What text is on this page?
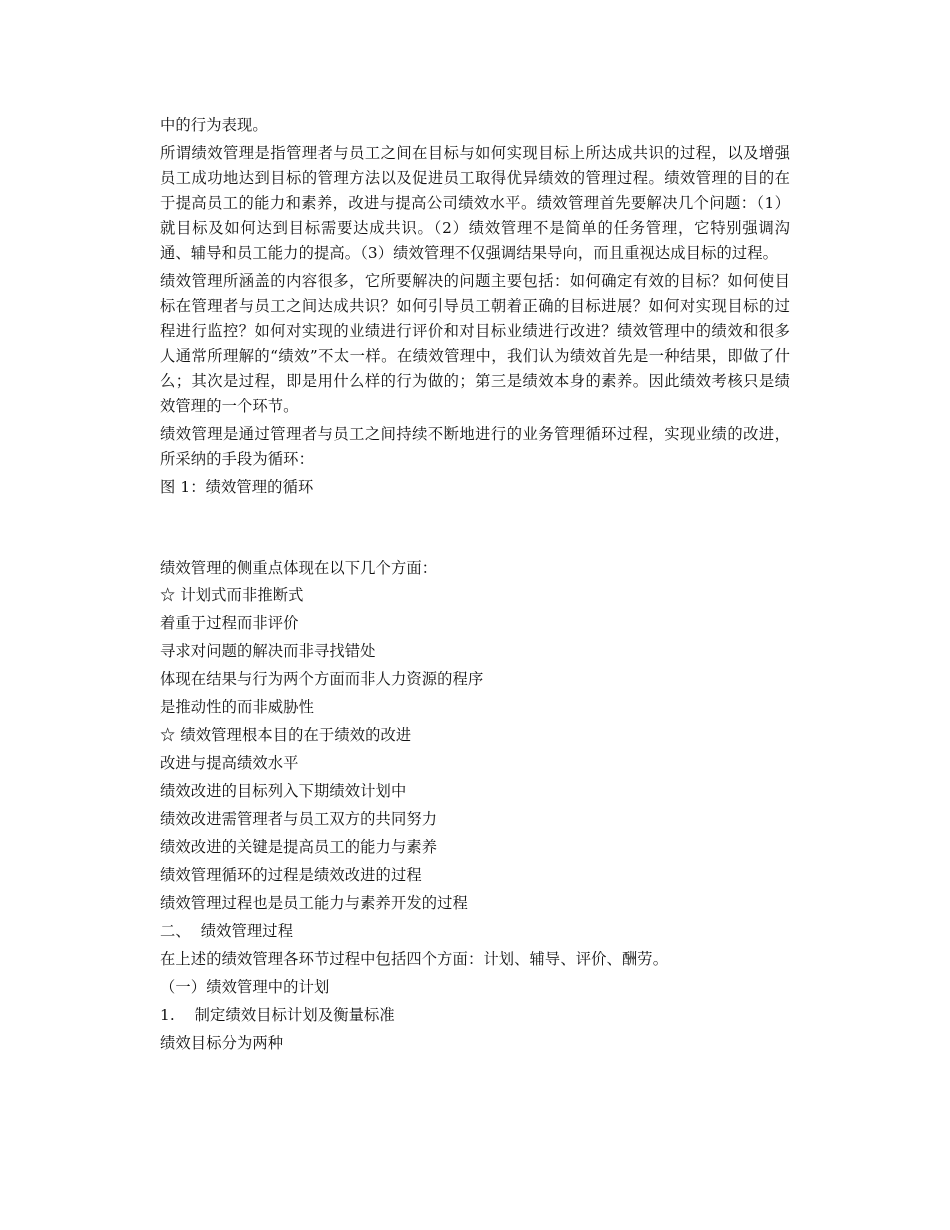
中的行为表现。

所谓绩效管理是指管理者与员工之间在目标与如何实现目标上所达成共识的过程，以及增强员工成功地达到目标的管理方法以及促进员工取得优异绩效的管理过程。绩效管理的目的在于提高员工的能力和素养，改进与提高公司绩效水平。绩效管理首先要解决几个问题：（1）就目标及如何达到目标需要达成共识。（2）绩效管理不是简单的任务管理，它特别强调沟通、辅导和员工能力的提高。（3）绩效管理不仅强调结果导向，而且重视达成目标的过程。

绩效管理所涵盖的内容很多，它所要解决的问题主要包括：如何确定有效的目标？如何使目标在管理者与员工之间达成共识？如何引导员工朝着正确的目标进展？如何对实现目标的过程进行监控？如何对实现的业绩进行评价和对目标业绩进行改进？绩效管理中的绩效和很多人通常所理解的“绩效”不太一样。在绩效管理中，我们认为绩效首先是一种结果，即做了什么；其次是过程，即是用什么样的行为做的；第三是绩效本身的素养。因此绩效考核只是绩效管理的一个环节。

绩效管理是通过管理者与员工之间持续不断地进行的业务管理循环过程，实现业绩的改进，所采纳的手段为循环：

图 1：绩效管理的循环

绩效管理的侧重点体现在以下几个方面：

☆ 计划式而非推断式

着重于过程而非评价

寻求对问题的解决而非寻找错处

体现在结果与行为两个方面而非人力资源的程序

是推动性的而非威胁性

☆ 绩效管理根本目的在于绩效的改进

改进与提高绩效水平

绩效改进的目标列入下期绩效计划中

绩效改进需管理者与员工双方的共同努力

绩效改进的关键是提高员工的能力与素养

绩效管理循环的过程是绩效改进的过程

绩效管理过程也是员工能力与素养开发的过程

二、  绩效管理过程

在上述的绩效管理各环节过程中包括四个方面：计划、辅导、评价、酬劳。

（一）绩效管理中的计划

1.    制定绩效目标计划及衡量标准

绩效目标分为两种
